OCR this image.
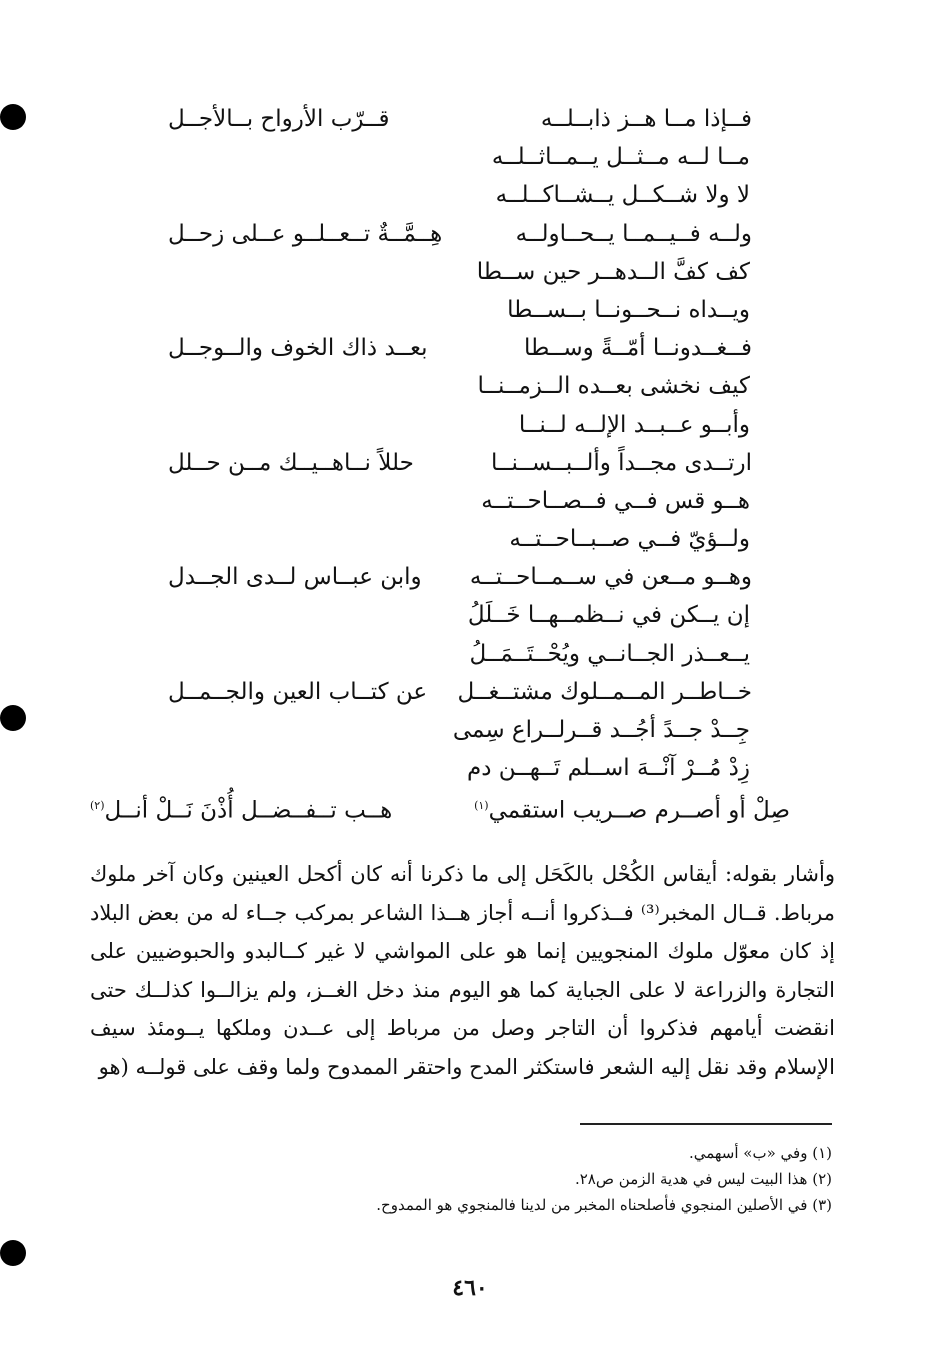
فــإذا مــا هــز ذابــلــه
قــرّب الأرواح بــالأجــل
مــا لــه مــثــل يــمــاثــلــه
لا ولا شــكــل يــشــاكــلــه
ولــه فــيــمــا يــحــاولــه
هِــمَّــةٌ تــعــلــو عــلى زحــل
كف كفَّ الــدهــر حين ســطا
ويــداه نــحــونــا بــســطا
فــغــدونــا أمّــةً وســطا
بعــد ذاك الخوف والــوجــل
كيف نخشى بعــده الــزمــنــا
وأبــو عــبــد الإلــه لــنــا
ارتــدى مجــداً وألــبــســنــا
حللاً نــاهــيــك مــن حــلل
هــو قس فــي فــصــاحــتــه
ولــؤيّ فــي صــبــاحــتــه
وهــو مــعن في ســمــاحــتــه
وابن عبــاس لــدى الجــدل
إن يــكن في نــظمــهــا خَــلَلُ
يــعــذر الجــانــي ويُحْــتَــمَــلُ
خــاطــر المــمــلوك مشتــغــل
عن كتــاب العين والجــمــل
جِــدْ جــدً أجُــد قــرلــراع سِمى
زِدْ مُــرْ آنْــهَ اســلم تَــهــن دم
صِلْ أو أصــرم صــريب استقمي$^{(١)}$
هــب تــفــضــل أُذْنَ نَــلْ أنــل$^{(٢)}$
وأشار بقوله: أيقاس الكُحْل بالكَحَل إلى ما ذكرنا أنه كان أكحل العينين وكان آخر ملوك مرباط. قــال المخبر⁽³⁾ فــذكروا أنــه أجاز هــذا الشاعر بمركب جــاء له من بعض البلاد إذ كان معوّل ملوك المنجويين إنما هو على المواشي لا غير كــالبدو والحبوضيين على التجارة والزراعة لا على الجباية كما هو اليوم منذ دخل الغــز، ولم يزالــوا كذلــك حتى انقضت أيامهم فذكروا أن التاجر وصل من مرباط إلى عــدن وملكها يــومئذ سيف الإسلام وقد نقل إليه الشعر فاستكثر المدح واحتقر الممدوح ولما وقف على قولــه (هو
(١) وفي «ب» أسهمي.
(٢) هذا البيت ليس في هدية الزمن ص٢٨.
(٣) في الأصلين المنجوي فأصلحناه المخبر من لدينا فالمنجوي هو الممدوح.
٤٦٠
